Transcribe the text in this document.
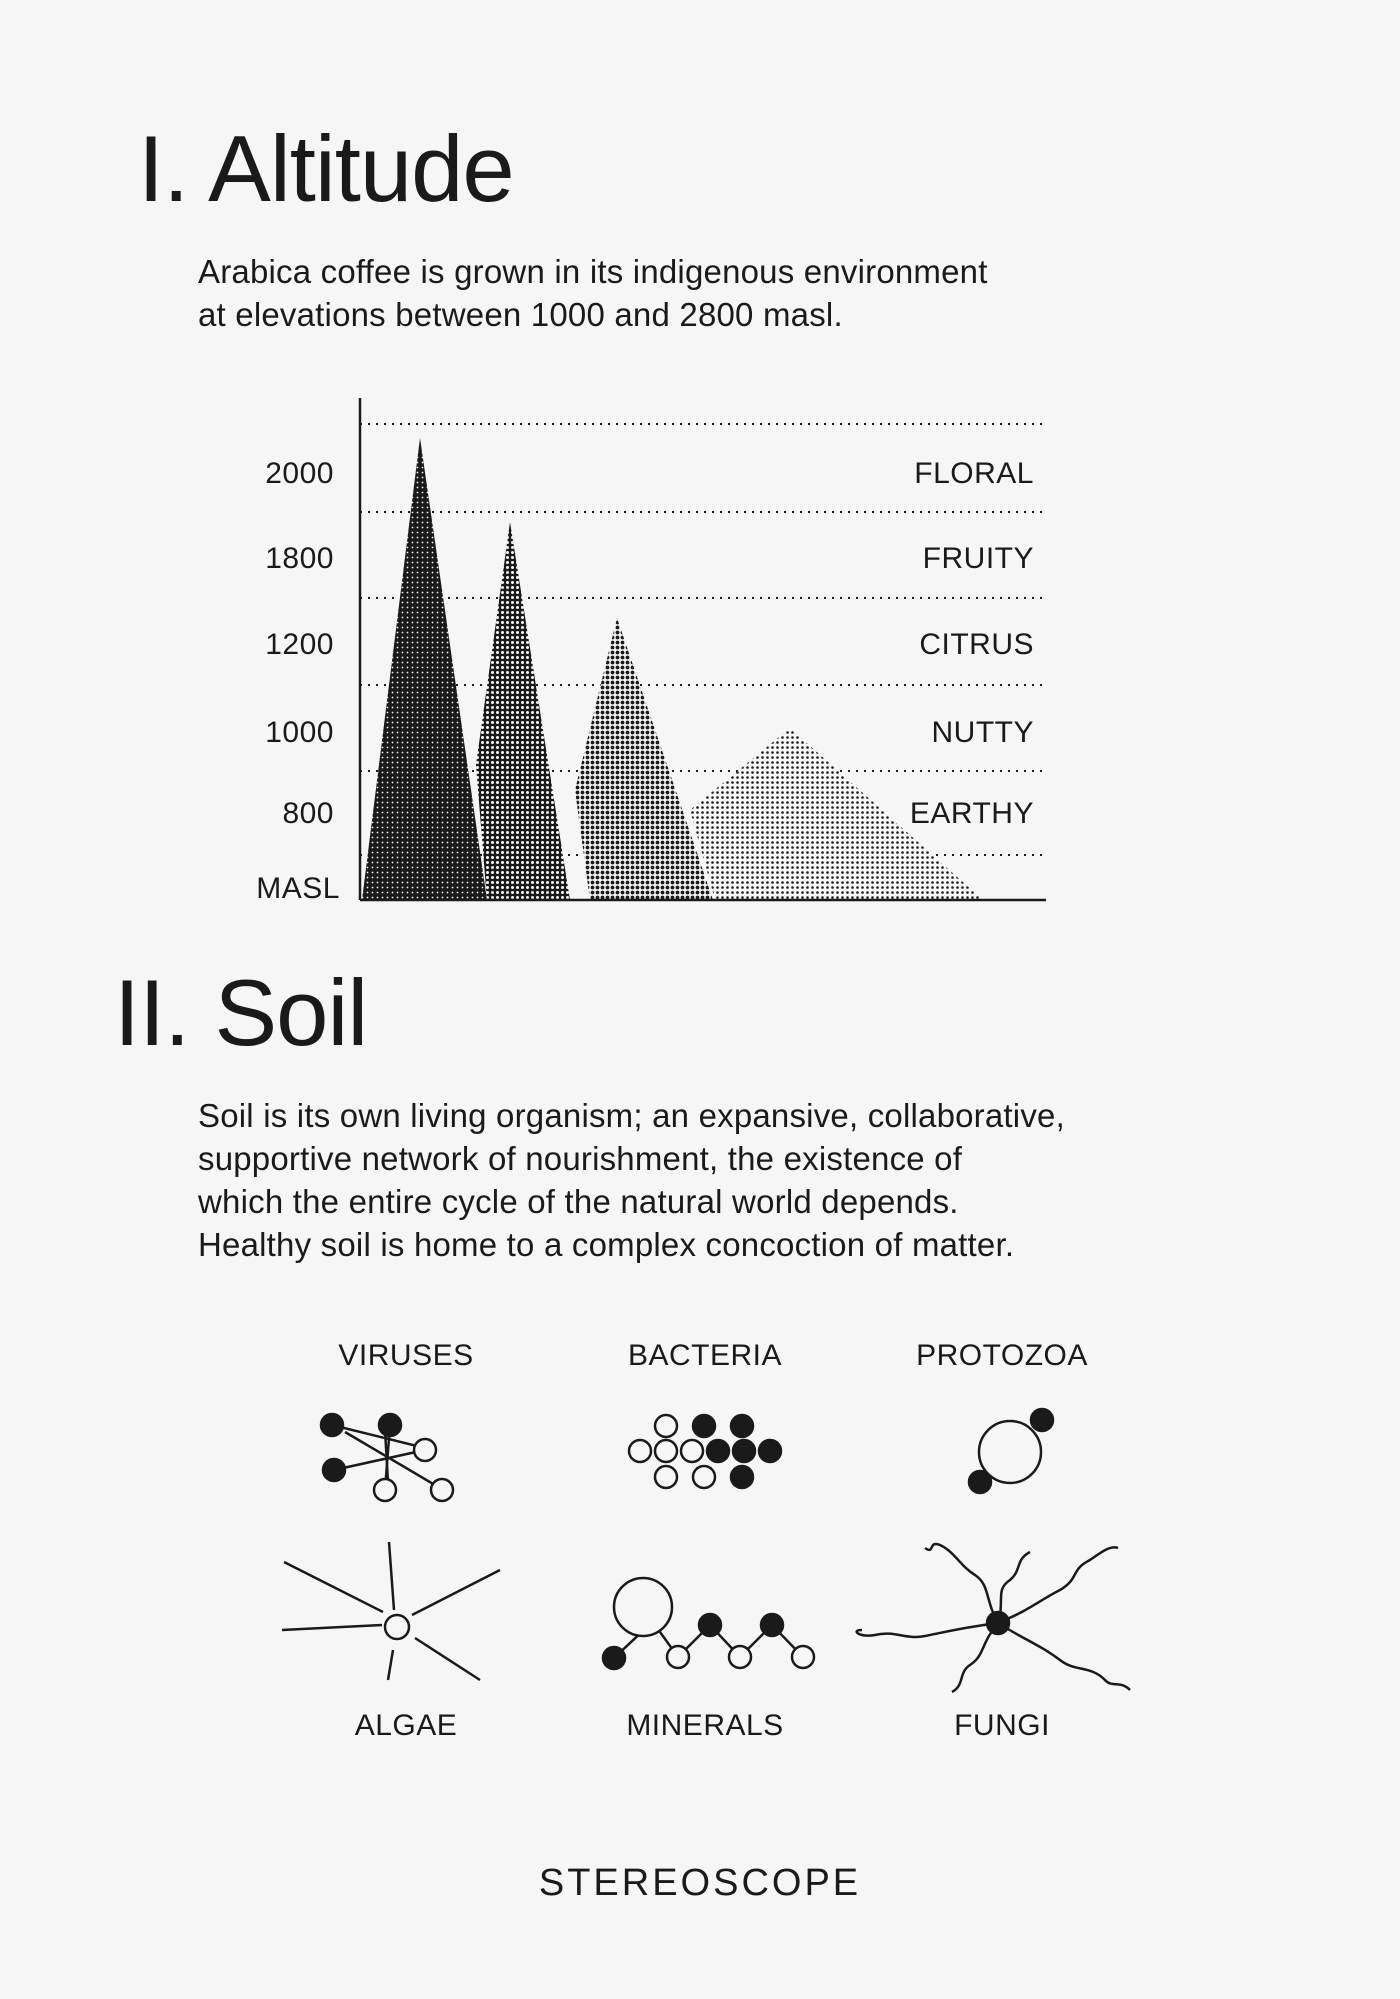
I. Altitude

Arabica coffee is grown in its indigenous environment
at elevations between 1000 and 2800 masl.

2000
1800
1200
1000
800
FLORAL
FRUITY
CITRUS
NUTTY
EARTHY
MASL
II. Soil

Soil is its own living organism; an expansive, collaborative,
supportive network of nourishment, the existence of
which the entire cycle of the natural world depends.
Healthy soil is home to a complex concoction of matter.

VIRUSES	BACTERIA	PROTOZOA
ALGAE	MINERALS	FUNGI

STEREOSCOPE
